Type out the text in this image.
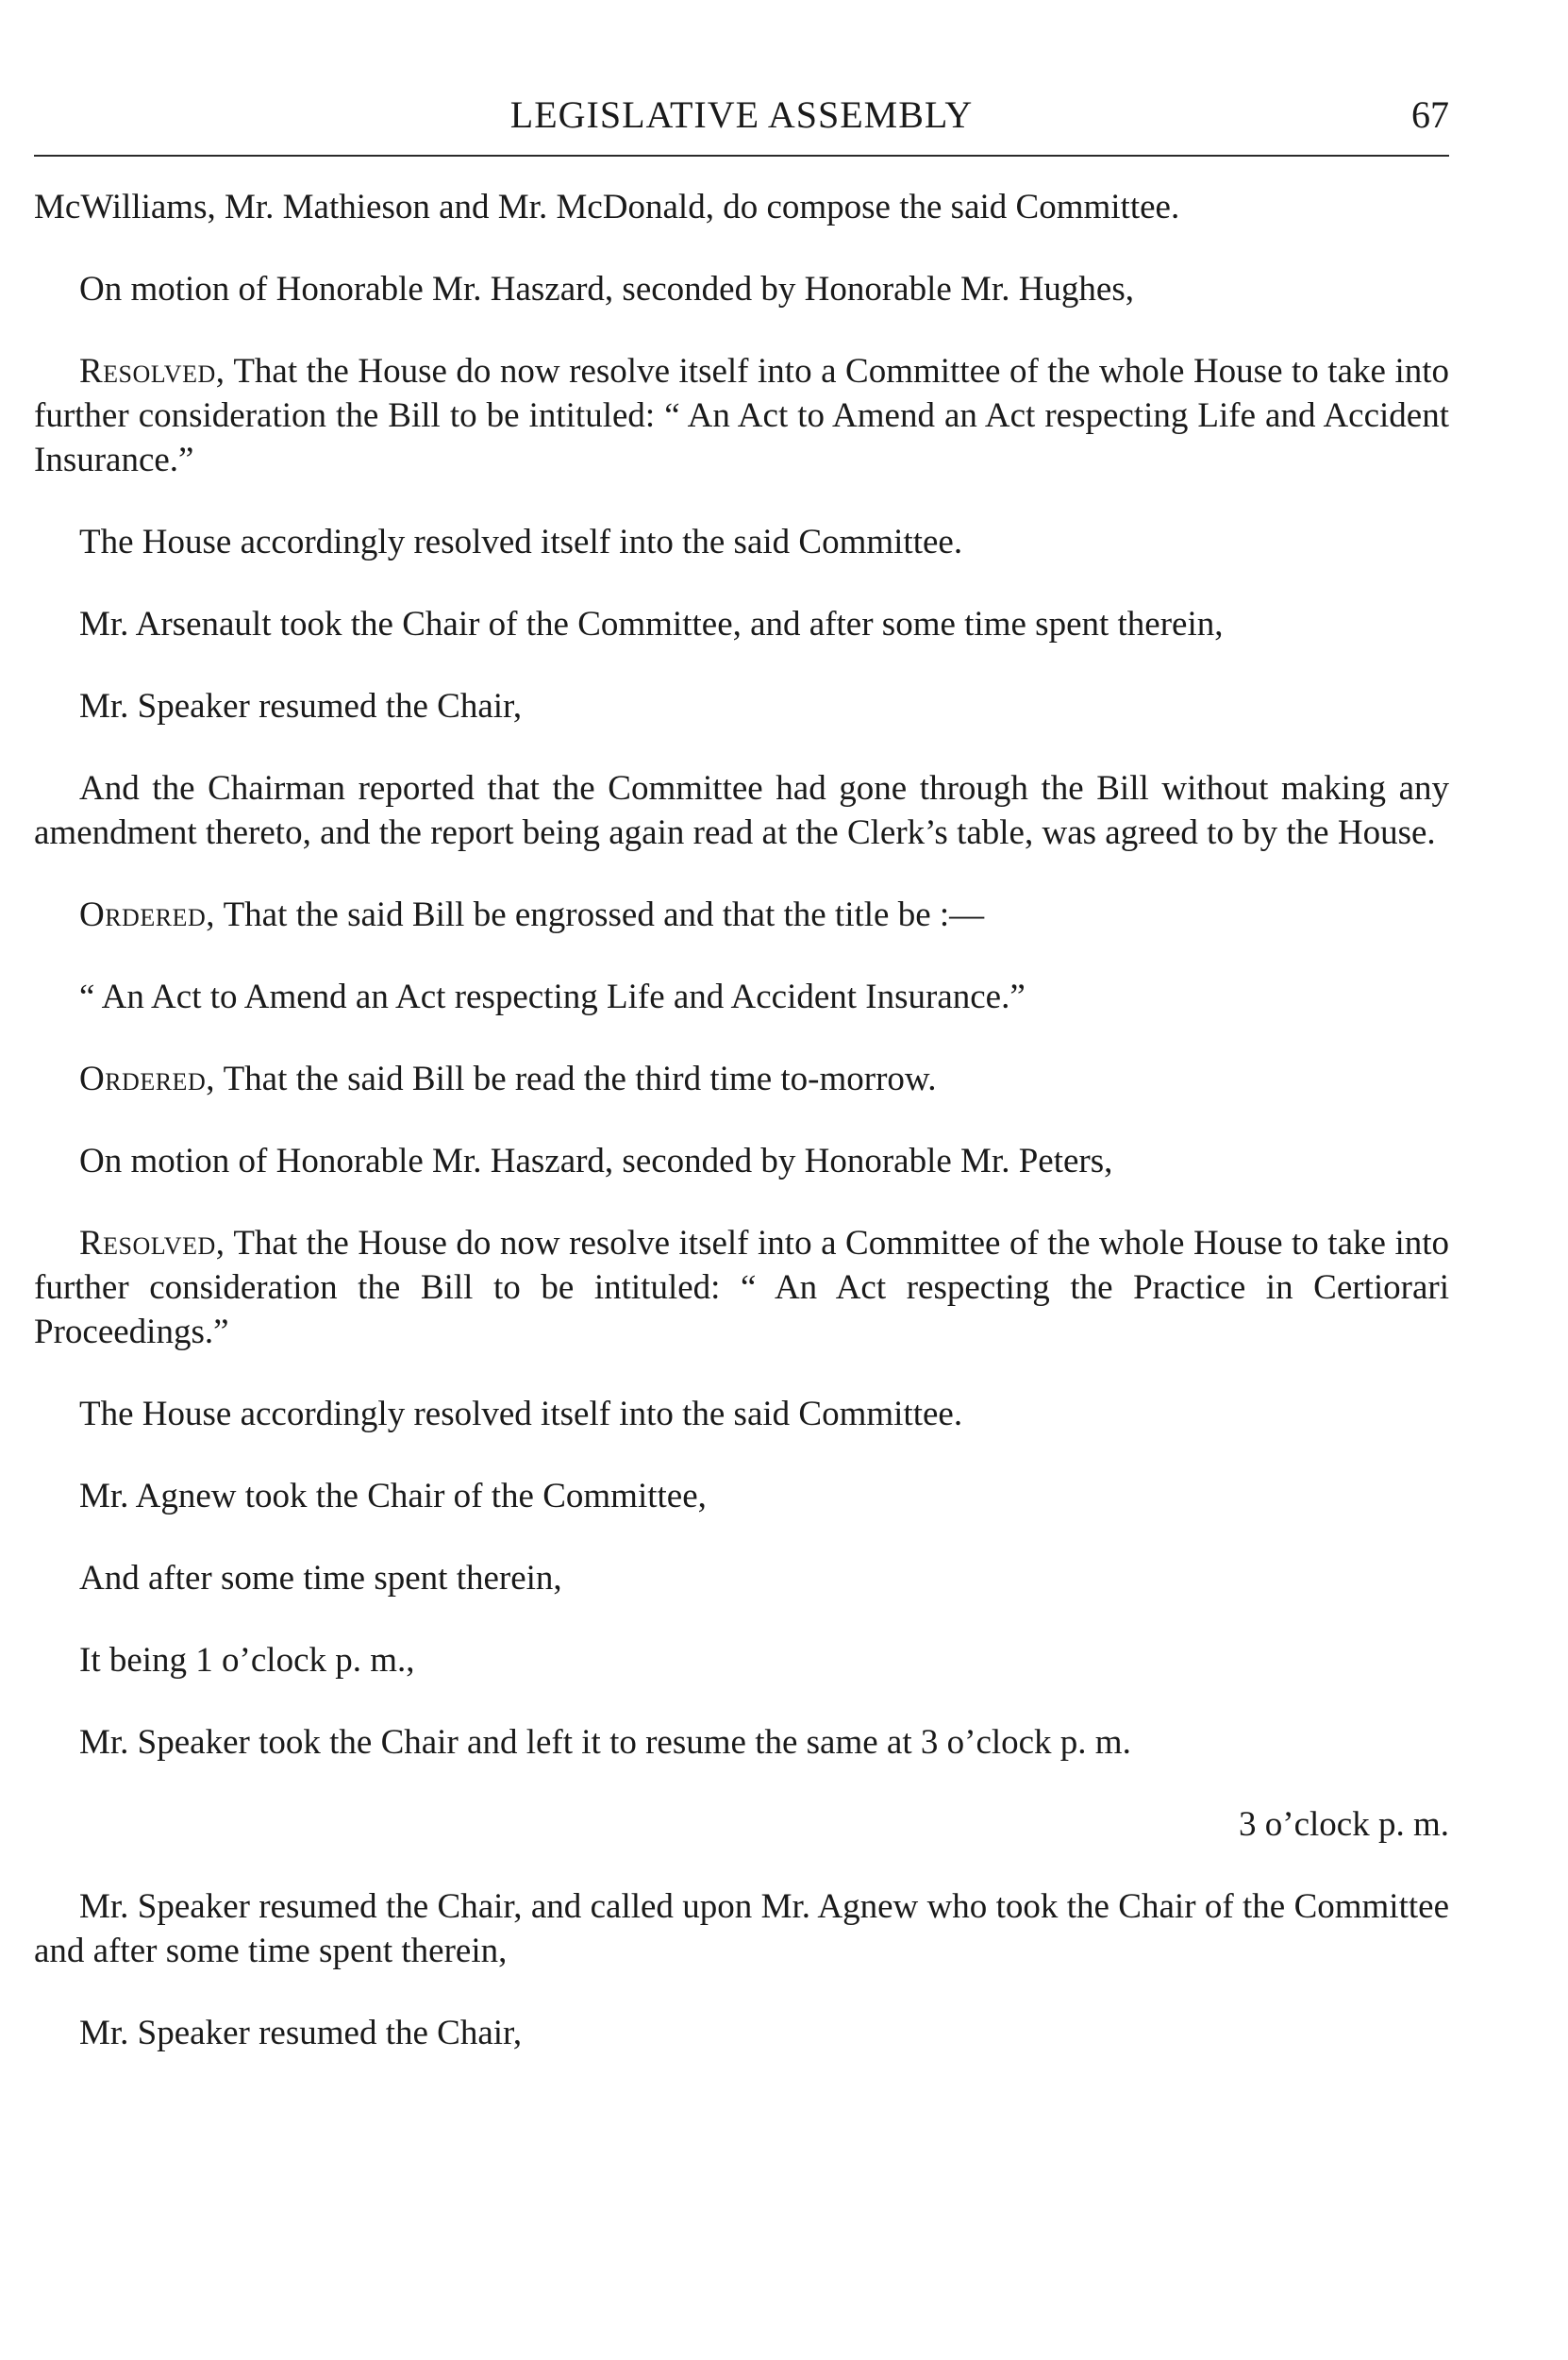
LEGISLATIVE ASSEMBLY	67

McWilliams, Mr. Mathieson and Mr. McDonald, do compose the said Committee.

On motion of Honorable Mr. Haszard, seconded by Honorable Mr. Hughes,

Resolved, That the House do now resolve itself into a Committee of the whole House to take into further consideration the Bill to be intituled: “ An Act to Amend an Act respecting Life and Accident Insurance.”

The House accordingly resolved itself into the said Committee.

Mr. Arsenault took the Chair of the Committee, and after some time spent therein,

Mr. Speaker resumed the Chair,

And the Chairman reported that the Committee had gone through the Bill without making any amendment thereto, and the report being again read at the Clerk’s table, was agreed to by the House.

Ordered, That the said Bill be engrossed and that the title be :—

“ An Act to Amend an Act respecting Life and Accident Insurance.”

Ordered, That the said Bill be read the third time to-morrow.

On motion of Honorable Mr. Haszard, seconded by Honorable Mr. Peters,

Resolved, That the House do now resolve itself into a Committee of the whole House to take into further consideration the Bill to be intituled: “ An Act respecting the Practice in Certiorari Proceedings.”

The House accordingly resolved itself into the said Committee.

Mr. Agnew took the Chair of the Committee,

And after some time spent therein,

It being 1 o’clock p. m.,

Mr. Speaker took the Chair and left it to resume the same at 3 o’clock p. m.

3 o’clock p. m.

Mr. Speaker resumed the Chair, and called upon Mr. Agnew who took the Chair of the Committee and after some time spent therein,

Mr. Speaker resumed the Chair,
